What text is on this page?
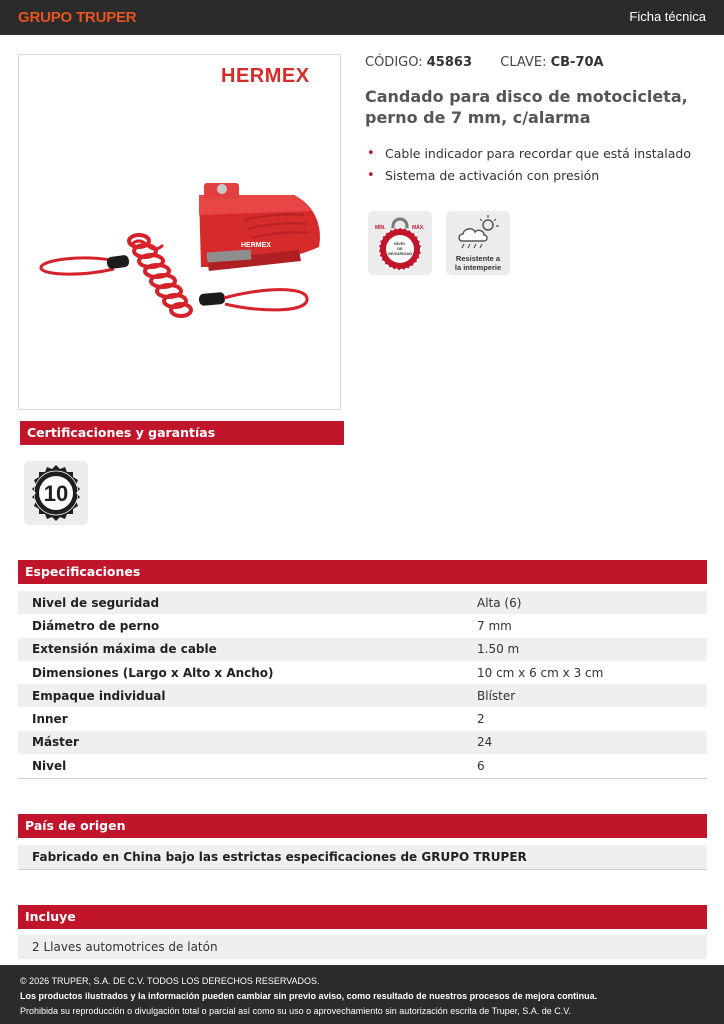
GRUPO TRUPER	Ficha técnica
HERMEX
HERMEX
CÓDIGO: 45863 CLAVE: CB-70A
Candado para disco de motocicleta, perno de 7 mm, c/alarma
• Cable indicador para recordar que está instalado
• Sistema de activación con presión
MÍN.	MÁX.
NIVEL
DE
SEGURIDAD
Resistente a
la intemperie
Certificaciones y garantías
10
Especificaciones
Nivel de seguridad	Alta (6)
Diámetro de perno	7 mm
Extensión máxima de cable	1.50 m
Dimensiones (Largo x Alto x Ancho)	10 cm x 6 cm x 3 cm
Empaque individual	Blíster
Inner	2
Máster	24
Nivel	6
País de origen
Fabricado en China bajo las estrictas especificaciones de GRUPO TRUPER
Incluye
2 Llaves automotrices de latón
© 2026 TRUPER, S.A. DE C.V. TODOS LOS DERECHOS RESERVADOS.
Los productos ilustrados y la información pueden cambiar sin previo aviso, como resultado de nuestros procesos de mejora continua.
Prohibida su reproducción o divulgación total o parcial así como su uso o aprovechamiento sin autorización escrita de Truper, S.A. de C.V.
